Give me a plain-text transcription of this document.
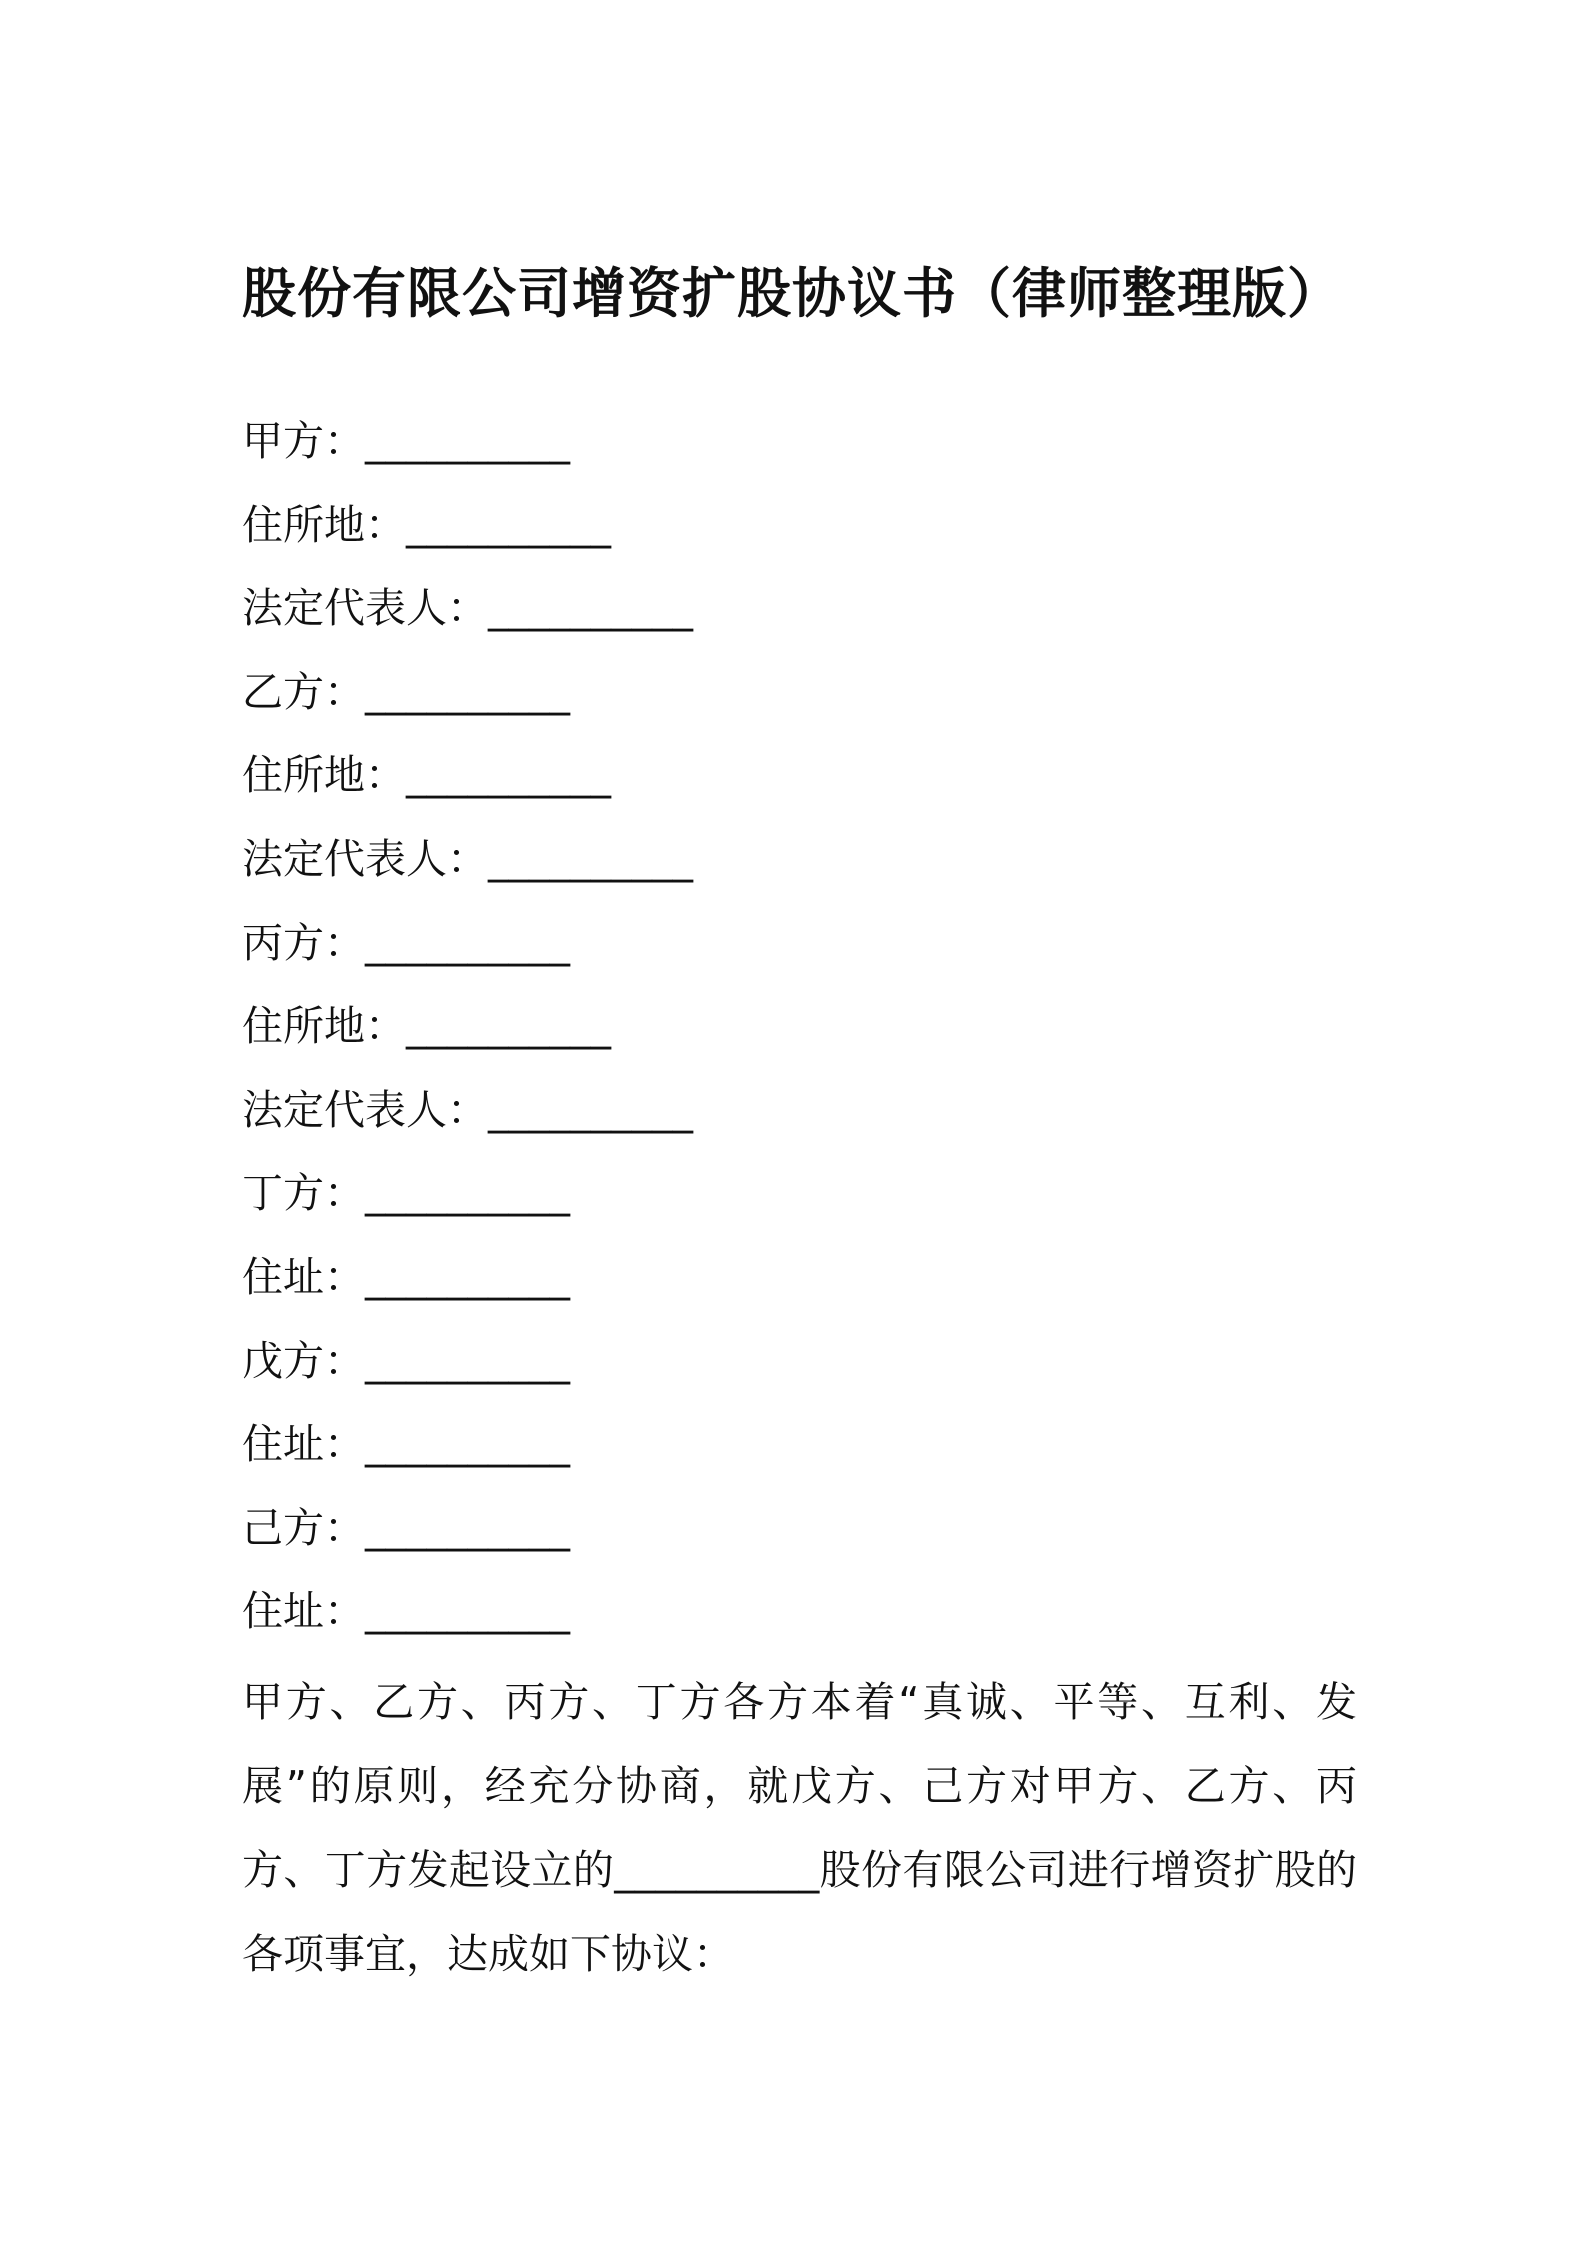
股份有限公司增资扩股协议书（律师整理版）
甲方：__________
住所地：__________
法定代表人：__________
乙方：__________
住所地：__________
法定代表人：__________
丙方：__________
住所地：__________
法定代表人：__________
丁方：__________
住址：__________
戊方：__________
住址：__________
己方：__________
住址：__________

甲方、乙方、丙方、丁方各方本着“真诚、平等、互利、发展”的原则，经充分协商，就戊方、己方对甲方、乙方、丙方、丁方发起设立的__________股份有限公司进行增资扩股的各项事宜，达成如下协议：
